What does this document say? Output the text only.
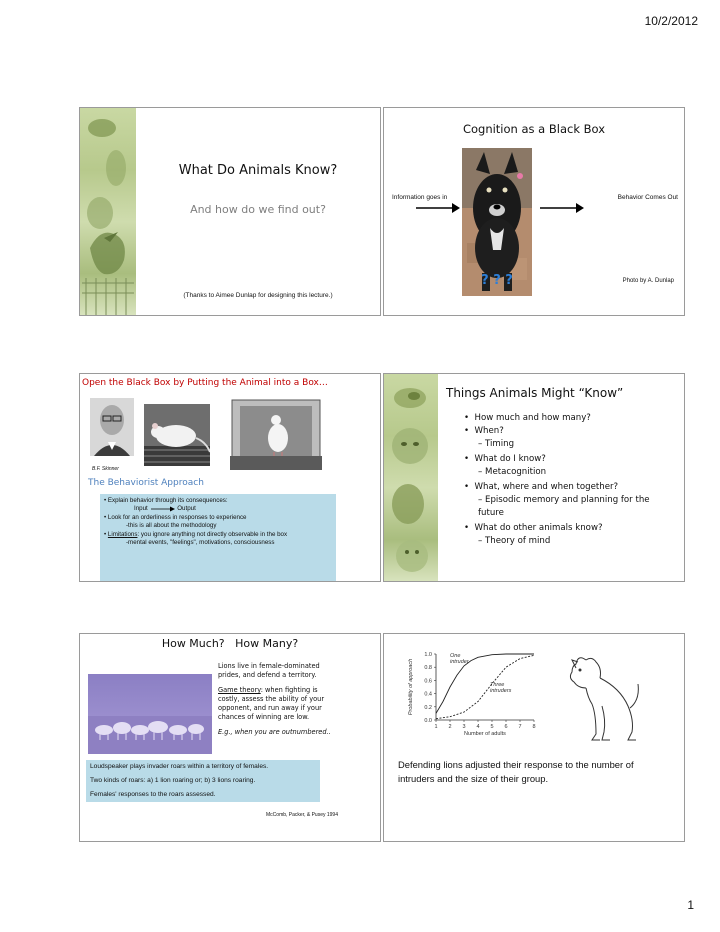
10/2/2012
What Do Animals Know?
And how do we find out?
(Thanks to Aimee Dunlap for designing this lecture.)
Cognition as a Black Box
? ? ?
Information goes in	Behavior Comes Out
Photo by A. Dunlap
Open the Black Box by Putting the Animal into a Box…
B.F. Skinner
The Behaviorist Approach
• Explain behavior through its consequences:
Input	Output
• Look for an orderliness in responses to experience
-this is all about the methodology
• Limitations: you ignore anything not directly observable in the box
-mental events, "feelings", motivations, consciousness
Things Animals Might “Know”
•  How much and how many?
•  When?
– Timing
•  What do I know?
– Metacognition
•  What, where and when together?
– Episodic memory and planning for the future
•  What do other animals know?
– Theory of mind
How Much?   How Many?
Lions live in female-dominated prides, and defend a territory.
Game theory: when fighting is costly, assess the ability of your opponent, and run away if your chances of winning are low.
E.g., when you are outnumbered..
Loudspeaker plays invader roars within a territory of females.
Two kinds of roars: a) 1 lion roaring or; b) 3 lions roaring.
Females' responses to the roars assessed.
McComb, Packer, & Pusey 1994
1 2 3 4 5 6 7 8
0.0
0.2
0.4
0.6
0.8
1.0
Number of adults
Probability of approach
One
intruder
Three
intruders
Defending lions adjusted their response to the number of intruders and the size of their group.
1
